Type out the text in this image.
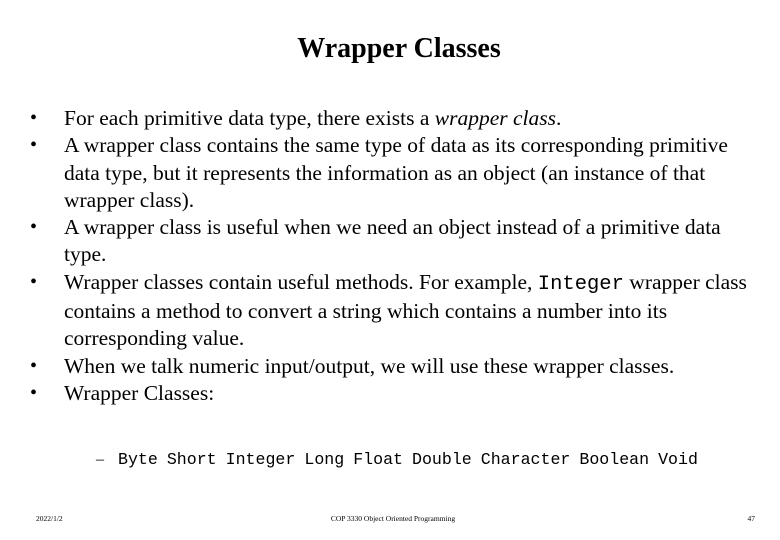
Wrapper Classes
• For each primitive data type, there exists a wrapper class.
• A wrapper class contains the same type of data as its corresponding primitive data type, but it represents the information as an object (an instance of that wrapper class).
• A wrapper class is useful when we need an object instead of a primitive data type.
• Wrapper classes contain useful methods. For example, Integer wrapper class contains a method to convert a string which contains a number into its corresponding value.
• When we talk numeric input/output, we will use these wrapper classes.
• Wrapper Classes:
– Byte Short Integer Long Float Double Character Boolean Void
2022/1/2	COP 3330 Object Oriented Programming	47
